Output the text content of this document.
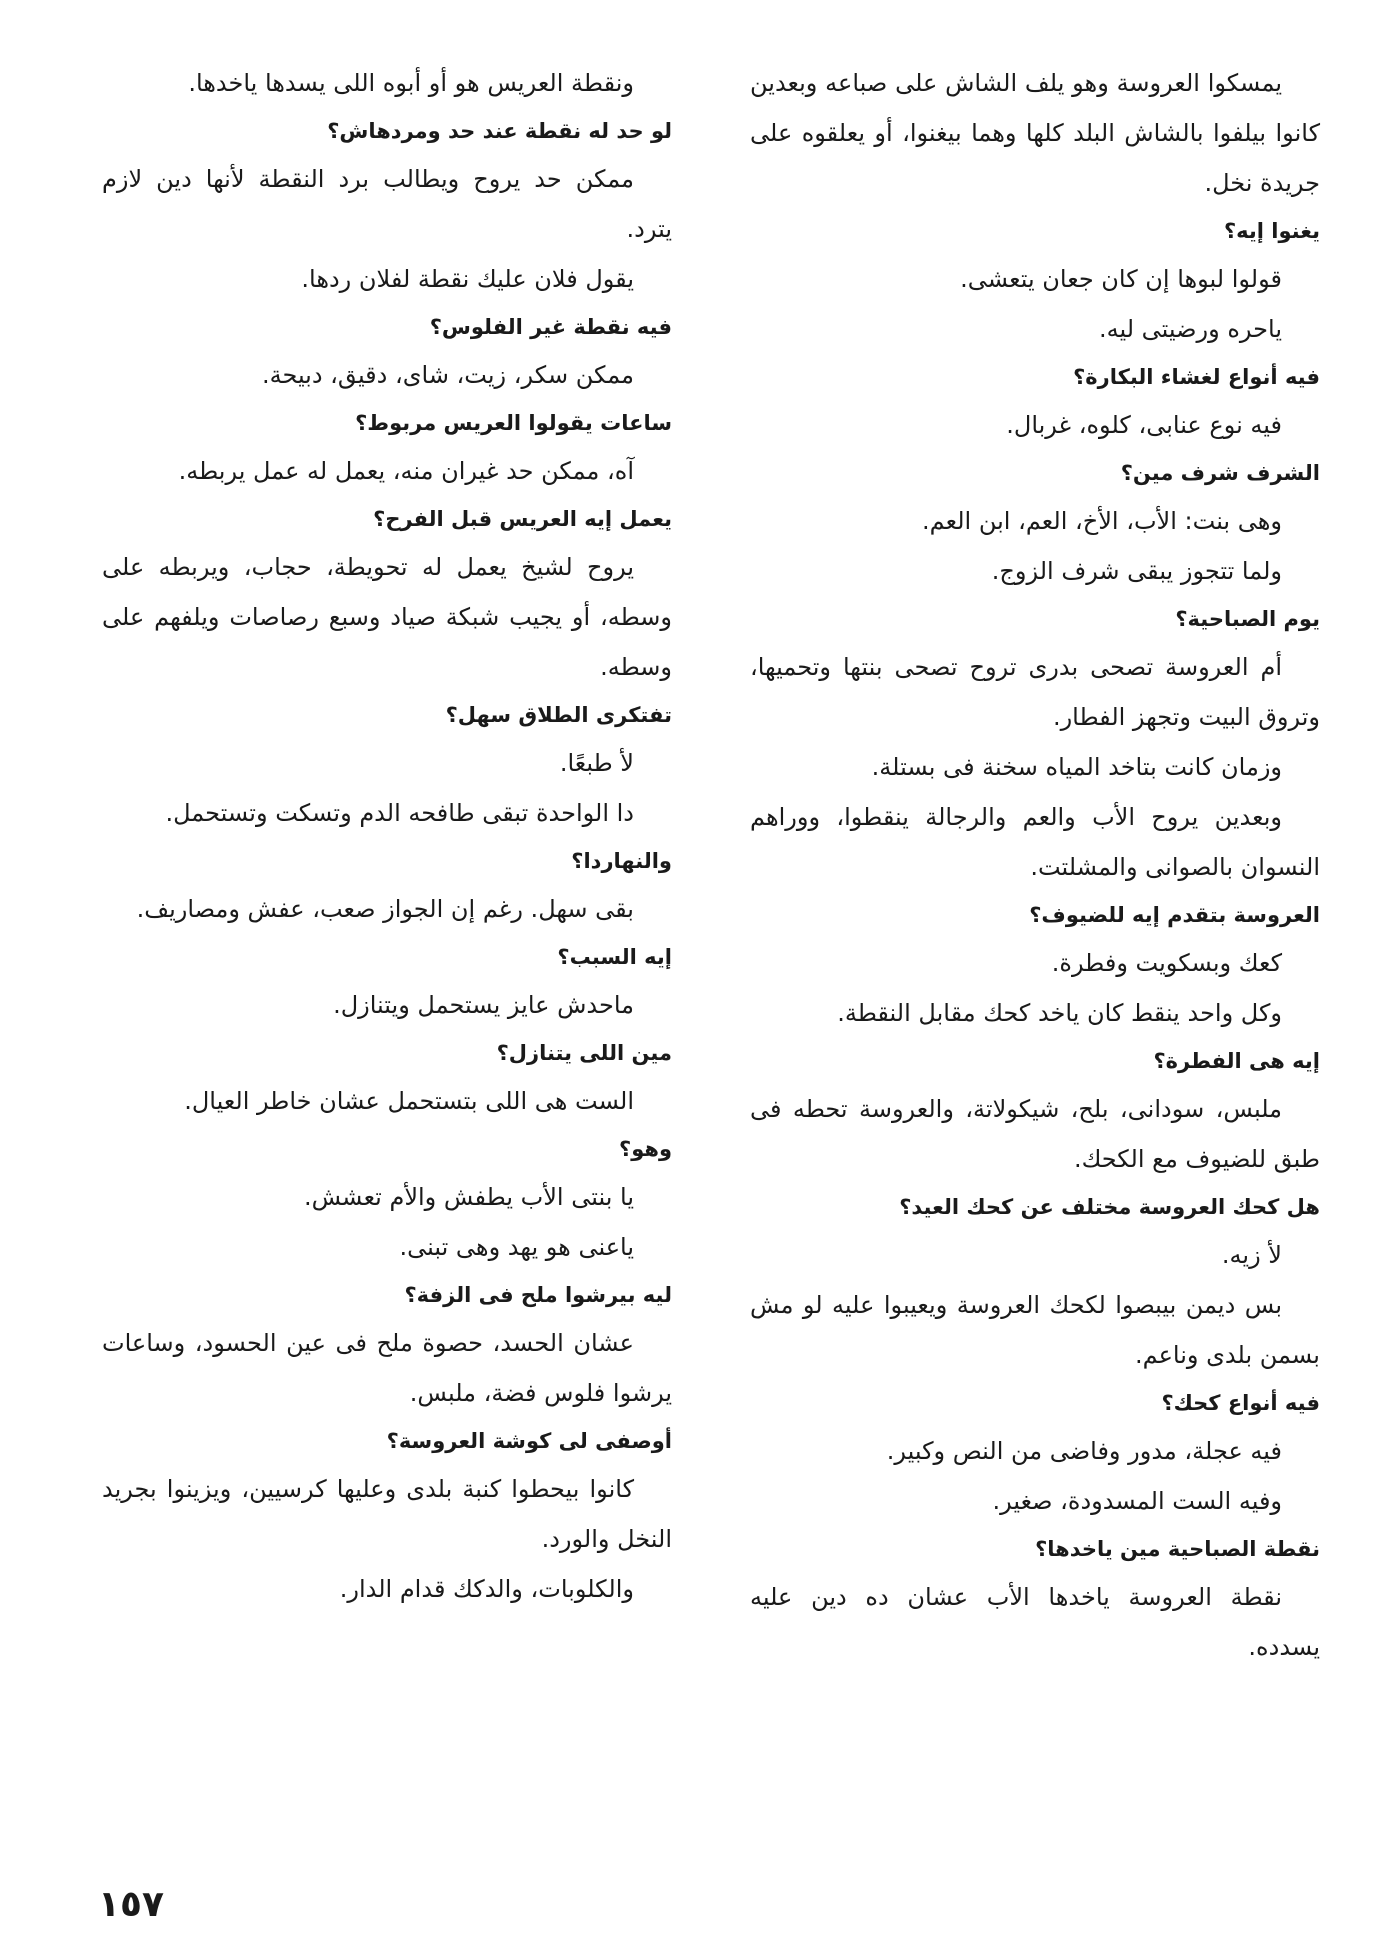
يمسكوا العروسة وهو يلف الشاش على صباعه وبعدين كانوا بيلفوا بالشاش البلد كلها وهما بيغنوا، أو يعلقوه على جريدة نخل.

يغنوا إيه؟

قولوا لبوها إن كان جعان يتعشى.

ياحره ورضيتى ليه.

فيه أنواع لغشاء البكارة؟

فيه نوع عنابى، كلوه، غربال.

الشرف شرف مين؟

وهى بنت: الأب، الأخ، العم، ابن العم.

ولما تتجوز يبقى شرف الزوج.

يوم الصباحية؟

أم العروسة تصحى بدرى تروح تصحى بنتها وتحميها، وتروق البيت وتجهز الفطار.

وزمان كانت بتاخد المياه سخنة فى بستلة.

وبعدين يروح الأب والعم والرجالة ينقطوا، ووراهم النسوان بالصوانى والمشلتت.

العروسة بتقدم إيه للضيوف؟

كعك وبسكويت وفطرة.

وكل واحد ينقط كان ياخد كحك مقابل النقطة.

إيه هى الفطرة؟

ملبس، سودانى، بلح، شيكولاتة، والعروسة تحطه فى طبق للضيوف مع الكحك.

هل كحك العروسة مختلف عن كحك العيد؟

لأ زيه.

بس ديمن بيبصوا لكحك العروسة ويعيبوا عليه لو مش بسمن بلدى وناعم.

فيه أنواع كحك؟

فيه عجلة، مدور وفاضى من النص وكبير.

وفيه الست المسدودة، صغير.

نقطة الصباحية مين ياخدها؟

نقطة العروسة ياخدها الأب عشان ده دين عليه يسدده.

ونقطة العريس هو أو أبوه اللى يسدها ياخدها.

لو حد له نقطة عند حد ومردهاش؟

ممكن حد يروح ويطالب برد النقطة لأنها دين لازم يترد.

يقول فلان عليك نقطة لفلان ردها.

فيه نقطة غير الفلوس؟

ممكن سكر، زيت، شاى، دقيق، دبيحة.

ساعات يقولوا العريس مربوط؟

آه، ممكن حد غيران منه، يعمل له عمل يربطه.

يعمل إيه العريس قبل الفرح؟

يروح لشيخ يعمل له تحويطة، حجاب، ويربطه على وسطه، أو يجيب شبكة صياد وسبع رصاصات ويلفهم على وسطه.

تفتكرى الطلاق سهل؟

لأ طبعًا.

دا الواحدة تبقى طافحه الدم وتسكت وتستحمل.

والنهاردا؟

بقى سهل. رغم إن الجواز صعب، عفش ومصاريف.

إيه السبب؟

ماحدش عايز يستحمل ويتنازل.

مين اللى يتنازل؟

الست هى اللى بتستحمل عشان خاطر العيال.

وهو؟

يا بنتى الأب يطفش والأم تعشش.

ياعنى هو يهد وهى تبنى.

ليه بيرشوا ملح فى الزفة؟

عشان الحسد، حصوة ملح فى عين الحسود، وساعات يرشوا فلوس فضة، ملبس.

أوصفى لى كوشة العروسة؟

كانوا بيحطوا كنبة بلدى وعليها كرسيين، ويزينوا بجريد النخل والورد.

والكلوبات، والدكك قدام الدار.

١٥٧
